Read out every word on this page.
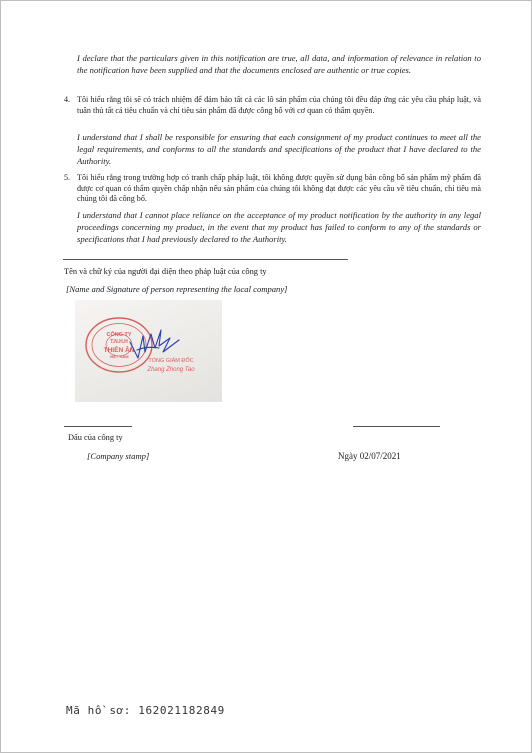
I declare that the particulars given in this notification are true, all data, and information of relevance in relation to the notification have been supplied and that the documents enclosed are authentic or true copies.
4. Tôi hiểu rằng tôi sẽ có trách nhiệm để đảm bảo tất cả các lô sản phẩm của chúng tôi đều đáp ứng các yêu cầu pháp luật, và tuân thủ tất cả tiêu chuẩn và chỉ tiêu sản phẩm đã được công bố với cơ quan có thẩm quyền.
I understand that I shall be responsible for ensuring that each consignment of my product continues to meet all the legal requirements, and conforms to all the standards and specifications of the product that I have declared to the Authority.
5. Tôi hiểu rằng trong trường hợp có tranh chấp pháp luật, tôi không được quyền sử dụng bản công bố sản phẩm mỹ phẩm đã được cơ quan có thẩm quyền chấp nhận nếu sản phẩm của chúng tôi không đạt được các yêu cầu về tiêu chuẩn, chỉ tiêu mà chúng tôi đã công bố.
I understand that I cannot place reliance on the acceptance of my product notification by the authority in any legal proceedings concerning my product, in the event that my product has failed to conform to any of the standards or specifications that I had previously declared to the Authority.
Tên và chữ ký của người đại diện theo pháp luật của công ty
[Name and Signature of person representing the local company]
CÔNG TY
T.N.H.H
THIÊN ÂN
VIỆT NAM
TỔNG GIÁM ĐỐC
Zhang Zhong Tao
Dấu của công ty
[Company stamp]	Ngày 02/07/2021
Mã hồ sơ: 162021182849
